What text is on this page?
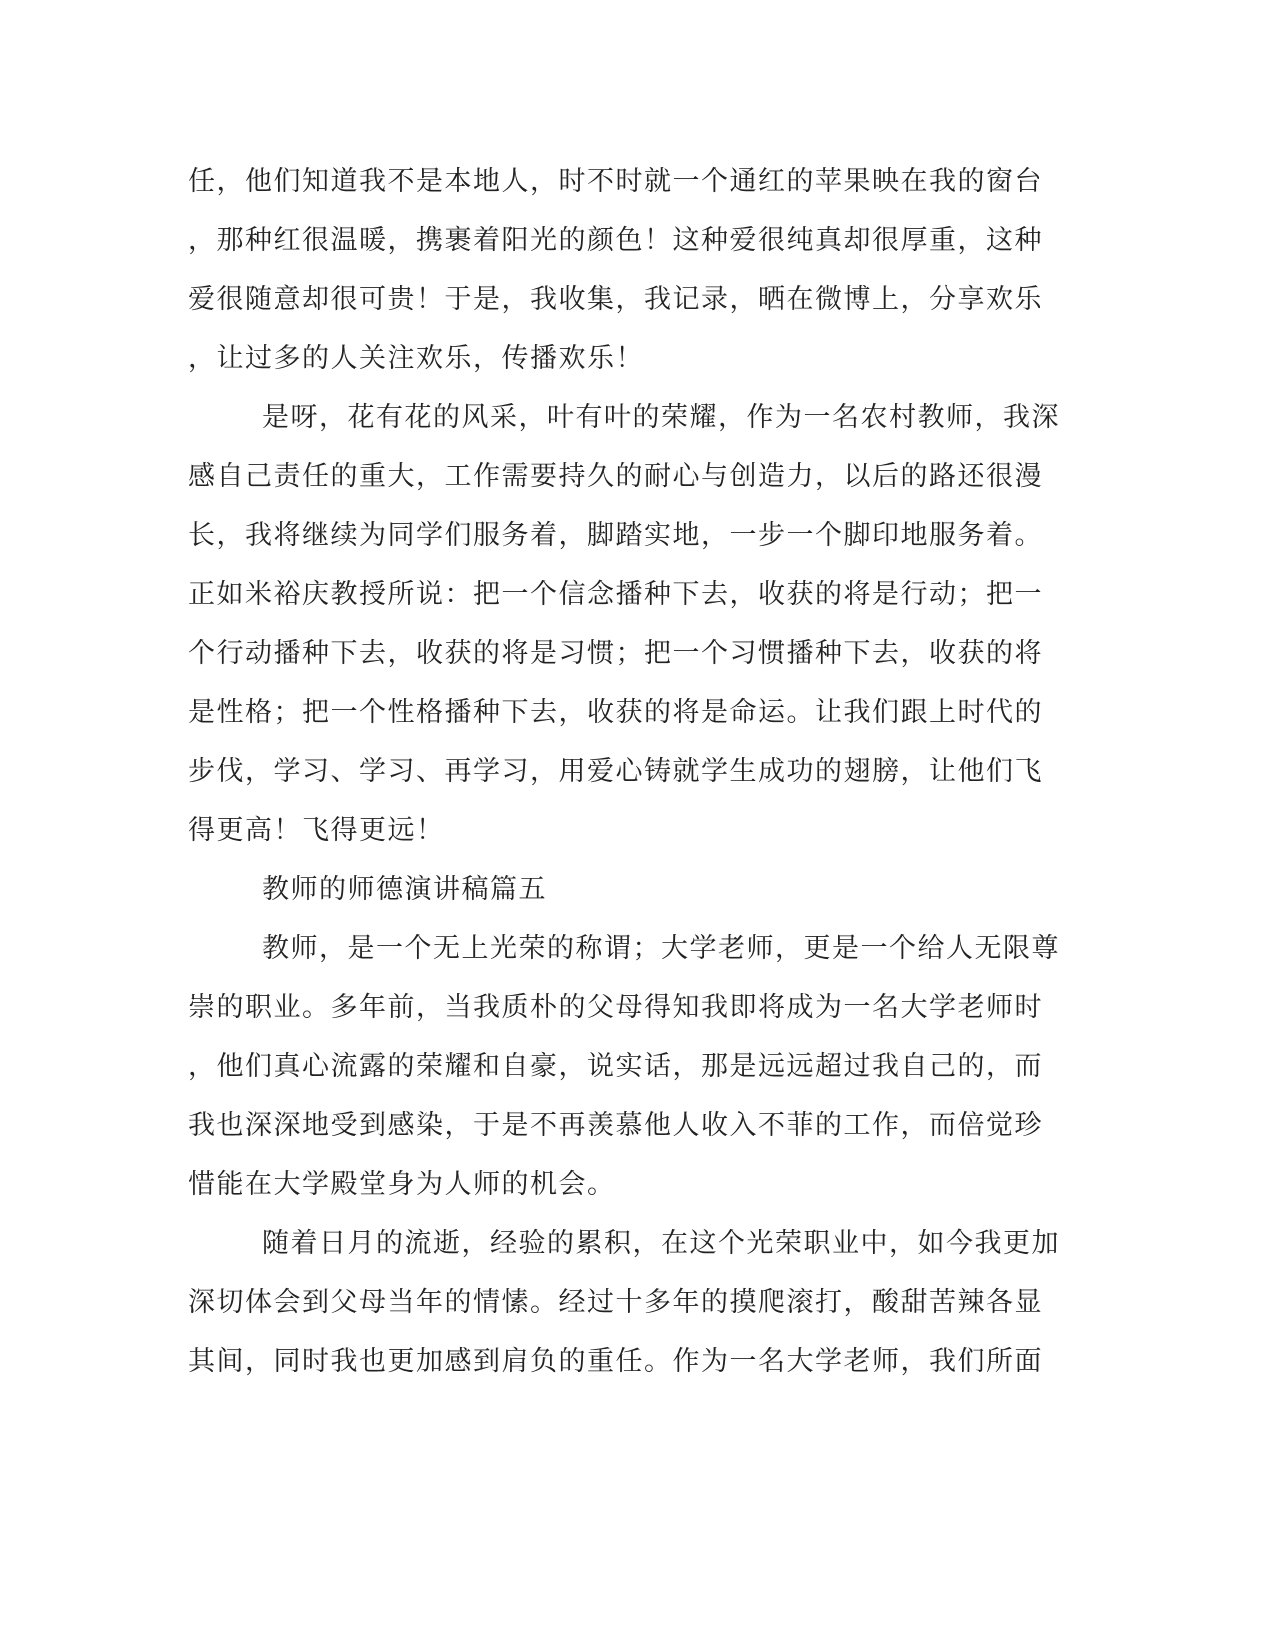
任，他们知道我不是本地人，时不时就一个通红的苹果映在我的窗台
，那种红很温暖，携裹着阳光的颜色！这种爱很纯真却很厚重，这种
爱很随意却很可贵！于是，我收集，我记录，晒在微博上，分享欢乐
，让过多的人关注欢乐，传播欢乐！
是呀，花有花的风采，叶有叶的荣耀，作为一名农村教师，我深
感自己责任的重大，工作需要持久的耐心与创造力，以后的路还很漫
长，我将继续为同学们服务着，脚踏实地，一步一个脚印地服务着。
正如米裕庆教授所说：把一个信念播种下去，收获的将是行动；把一
个行动播种下去，收获的将是习惯；把一个习惯播种下去，收获的将
是性格；把一个性格播种下去，收获的将是命运。让我们跟上时代的
步伐，学习、学习、再学习，用爱心铸就学生成功的翅膀，让他们飞
得更高！飞得更远！
教师的师德演讲稿篇五
教师，是一个无上光荣的称谓；大学老师，更是一个给人无限尊
崇的职业。多年前，当我质朴的父母得知我即将成为一名大学老师时
，他们真心流露的荣耀和自豪，说实话，那是远远超过我自己的，而
我也深深地受到感染，于是不再羡慕他人收入不菲的工作，而倍觉珍
惜能在大学殿堂身为人师的机会。
随着日月的流逝，经验的累积，在这个光荣职业中，如今我更加
深切体会到父母当年的情愫。经过十多年的摸爬滚打，酸甜苦辣各显
其间，同时我也更加感到肩负的重任。作为一名大学老师，我们所面
